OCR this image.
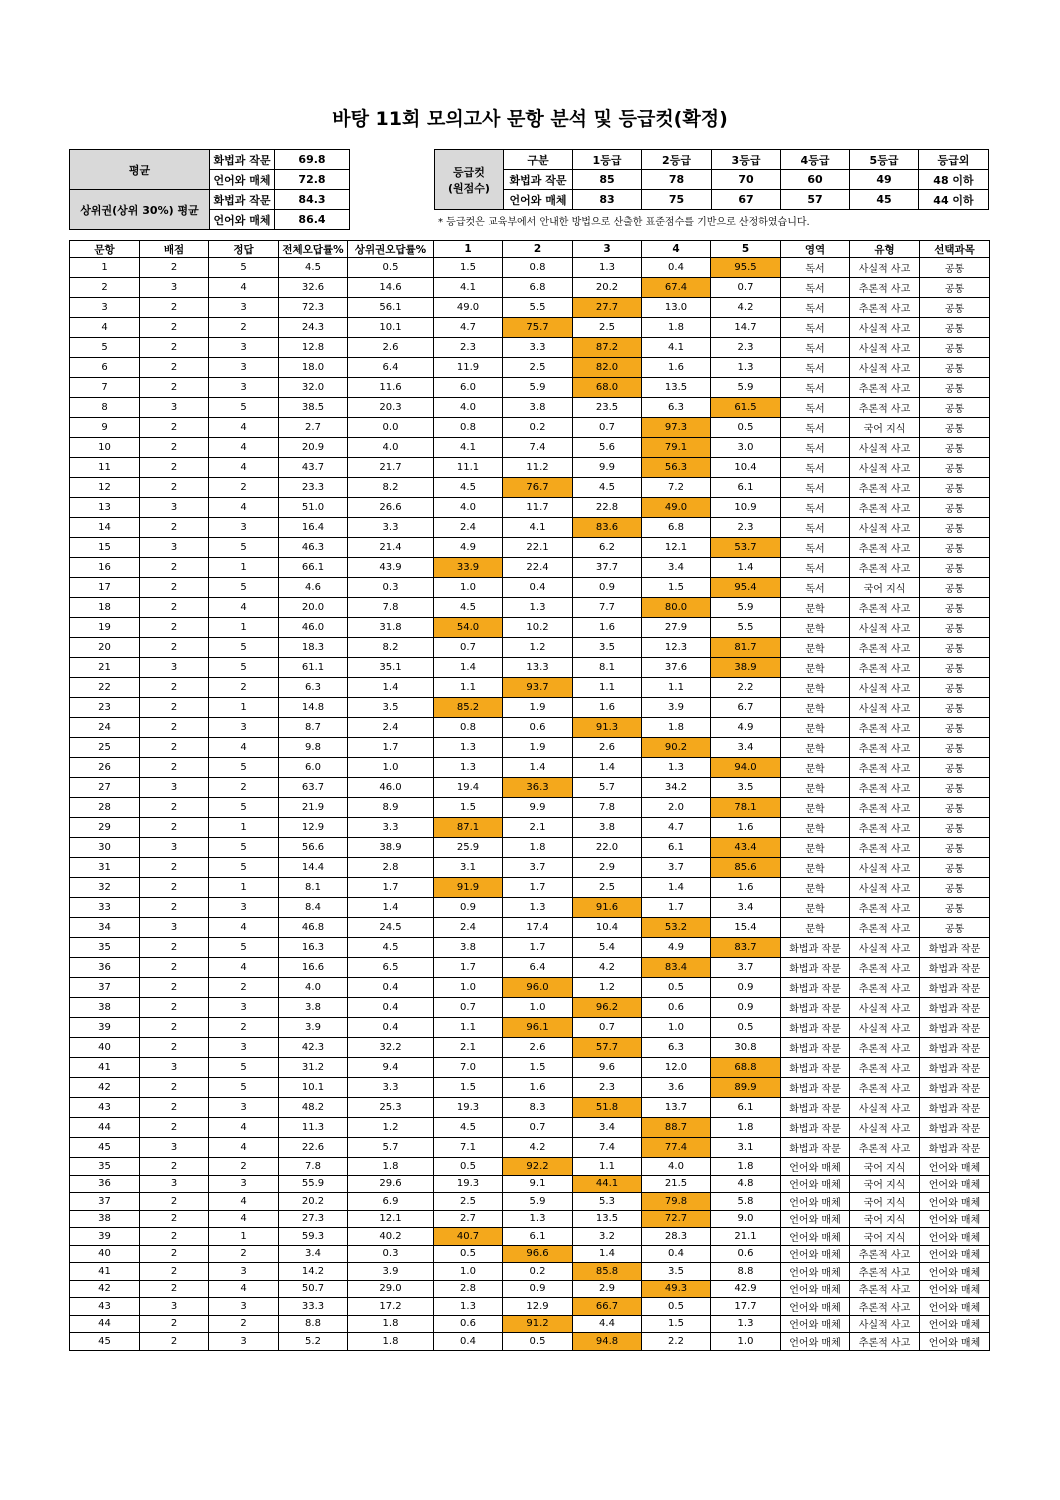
바탕 11회 모의고사 문항 분석 및 등급컷(확정)
평균	화법과 작문	69.8
	언어와 매체	72.8
상위권(상위 30%) 평균	화법과 작문	84.3
	언어와 매체	86.4
등급컷
(원점수)	구분	1등급	2등급	3등급	4등급	5등급	등급외
	화법과 작문	85	78	70	60	49	48 이하
	언어와 매체	83	75	67	57	45	44 이하
* 등급컷은 교육부에서 안내한 방법으로 산출한 표준점수를 기반으로 산정하였습니다.
문항	배점	정답	전체오답률%	상위권오답률%	1	2	3	4	5	영역	유형	선택과목
1	2	5	4.5	0.5	1.5	0.8	1.3	0.4	95.5	독서	사실적 사고	공통
2	3	4	32.6	14.6	4.1	6.8	20.2	67.4	0.7	독서	추론적 사고	공통
3	2	3	72.3	56.1	49.0	5.5	27.7	13.0	4.2	독서	추론적 사고	공통
4	2	2	24.3	10.1	4.7	75.7	2.5	1.8	14.7	독서	사실적 사고	공통
5	2	3	12.8	2.6	2.3	3.3	87.2	4.1	2.3	독서	사실적 사고	공통
6	2	3	18.0	6.4	11.9	2.5	82.0	1.6	1.3	독서	사실적 사고	공통
7	2	3	32.0	11.6	6.0	5.9	68.0	13.5	5.9	독서	추론적 사고	공통
8	3	5	38.5	20.3	4.0	3.8	23.5	6.3	61.5	독서	추론적 사고	공통
9	2	4	2.7	0.0	0.8	0.2	0.7	97.3	0.5	독서	국어 지식	공통
10	2	4	20.9	4.0	4.1	7.4	5.6	79.1	3.0	독서	사실적 사고	공통
11	2	4	43.7	21.7	11.1	11.2	9.9	56.3	10.4	독서	사실적 사고	공통
12	2	2	23.3	8.2	4.5	76.7	4.5	7.2	6.1	독서	추론적 사고	공통
13	3	4	51.0	26.6	4.0	11.7	22.8	49.0	10.9	독서	추론적 사고	공통
14	2	3	16.4	3.3	2.4	4.1	83.6	6.8	2.3	독서	사실적 사고	공통
15	3	5	46.3	21.4	4.9	22.1	6.2	12.1	53.7	독서	추론적 사고	공통
16	2	1	66.1	43.9	33.9	22.4	37.7	3.4	1.4	독서	추론적 사고	공통
17	2	5	4.6	0.3	1.0	0.4	0.9	1.5	95.4	독서	국어 지식	공통
18	2	4	20.0	7.8	4.5	1.3	7.7	80.0	5.9	문학	추론적 사고	공통
19	2	1	46.0	31.8	54.0	10.2	1.6	27.9	5.5	문학	사실적 사고	공통
20	2	5	18.3	8.2	0.7	1.2	3.5	12.3	81.7	문학	추론적 사고	공통
21	3	5	61.1	35.1	1.4	13.3	8.1	37.6	38.9	문학	추론적 사고	공통
22	2	2	6.3	1.4	1.1	93.7	1.1	1.1	2.2	문학	사실적 사고	공통
23	2	1	14.8	3.5	85.2	1.9	1.6	3.9	6.7	문학	사실적 사고	공통
24	2	3	8.7	2.4	0.8	0.6	91.3	1.8	4.9	문학	추론적 사고	공통
25	2	4	9.8	1.7	1.3	1.9	2.6	90.2	3.4	문학	추론적 사고	공통
26	2	5	6.0	1.0	1.3	1.4	1.4	1.3	94.0	문학	추론적 사고	공통
27	3	2	63.7	46.0	19.4	36.3	5.7	34.2	3.5	문학	추론적 사고	공통
28	2	5	21.9	8.9	1.5	9.9	7.8	2.0	78.1	문학	추론적 사고	공통
29	2	1	12.9	3.3	87.1	2.1	3.8	4.7	1.6	문학	추론적 사고	공통
30	3	5	56.6	38.9	25.9	1.8	22.0	6.1	43.4	문학	추론적 사고	공통
31	2	5	14.4	2.8	3.1	3.7	2.9	3.7	85.6	문학	사실적 사고	공통
32	2	1	8.1	1.7	91.9	1.7	2.5	1.4	1.6	문학	사실적 사고	공통
33	2	3	8.4	1.4	0.9	1.3	91.6	1.7	3.4	문학	추론적 사고	공통
34	3	4	46.8	24.5	2.4	17.4	10.4	53.2	15.4	문학	추론적 사고	공통
35	2	5	16.3	4.5	3.8	1.7	5.4	4.9	83.7	화법과 작문	사실적 사고	화법과 작문
36	2	4	16.6	6.5	1.7	6.4	4.2	83.4	3.7	화법과 작문	추론적 사고	화법과 작문
37	2	2	4.0	0.4	1.0	96.0	1.2	0.5	0.9	화법과 작문	추론적 사고	화법과 작문
38	2	3	3.8	0.4	0.7	1.0	96.2	0.6	0.9	화법과 작문	사실적 사고	화법과 작문
39	2	2	3.9	0.4	1.1	96.1	0.7	1.0	0.5	화법과 작문	사실적 사고	화법과 작문
40	2	3	42.3	32.2	2.1	2.6	57.7	6.3	30.8	화법과 작문	추론적 사고	화법과 작문
41	3	5	31.2	9.4	7.0	1.5	9.6	12.0	68.8	화법과 작문	추론적 사고	화법과 작문
42	2	5	10.1	3.3	1.5	1.6	2.3	3.6	89.9	화법과 작문	추론적 사고	화법과 작문
43	2	3	48.2	25.3	19.3	8.3	51.8	13.7	6.1	화법과 작문	사실적 사고	화법과 작문
44	2	4	11.3	1.2	4.5	0.7	3.4	88.7	1.8	화법과 작문	사실적 사고	화법과 작문
45	3	4	22.6	5.7	7.1	4.2	7.4	77.4	3.1	화법과 작문	추론적 사고	화법과 작문
35	2	2	7.8	1.8	0.5	92.2	1.1	4.0	1.8	언어와 매체	국어 지식	언어와 매체
36	3	3	55.9	29.6	19.3	9.1	44.1	21.5	4.8	언어와 매체	국어 지식	언어와 매체
37	2	4	20.2	6.9	2.5	5.9	5.3	79.8	5.8	언어와 매체	국어 지식	언어와 매체
38	2	4	27.3	12.1	2.7	1.3	13.5	72.7	9.0	언어와 매체	국어 지식	언어와 매체
39	2	1	59.3	40.2	40.7	6.1	3.2	28.3	21.1	언어와 매체	국어 지식	언어와 매체
40	2	2	3.4	0.3	0.5	96.6	1.4	0.4	0.6	언어와 매체	추론적 사고	언어와 매체
41	2	3	14.2	3.9	1.0	0.2	85.8	3.5	8.8	언어와 매체	추론적 사고	언어와 매체
42	2	4	50.7	29.0	2.8	0.9	2.9	49.3	42.9	언어와 매체	추론적 사고	언어와 매체
43	3	3	33.3	17.2	1.3	12.9	66.7	0.5	17.7	언어와 매체	추론적 사고	언어와 매체
44	2	2	8.8	1.8	0.6	91.2	4.4	1.5	1.3	언어와 매체	사실적 사고	언어와 매체
45	2	3	5.2	1.8	0.4	0.5	94.8	2.2	1.0	언어와 매체	추론적 사고	언어와 매체
